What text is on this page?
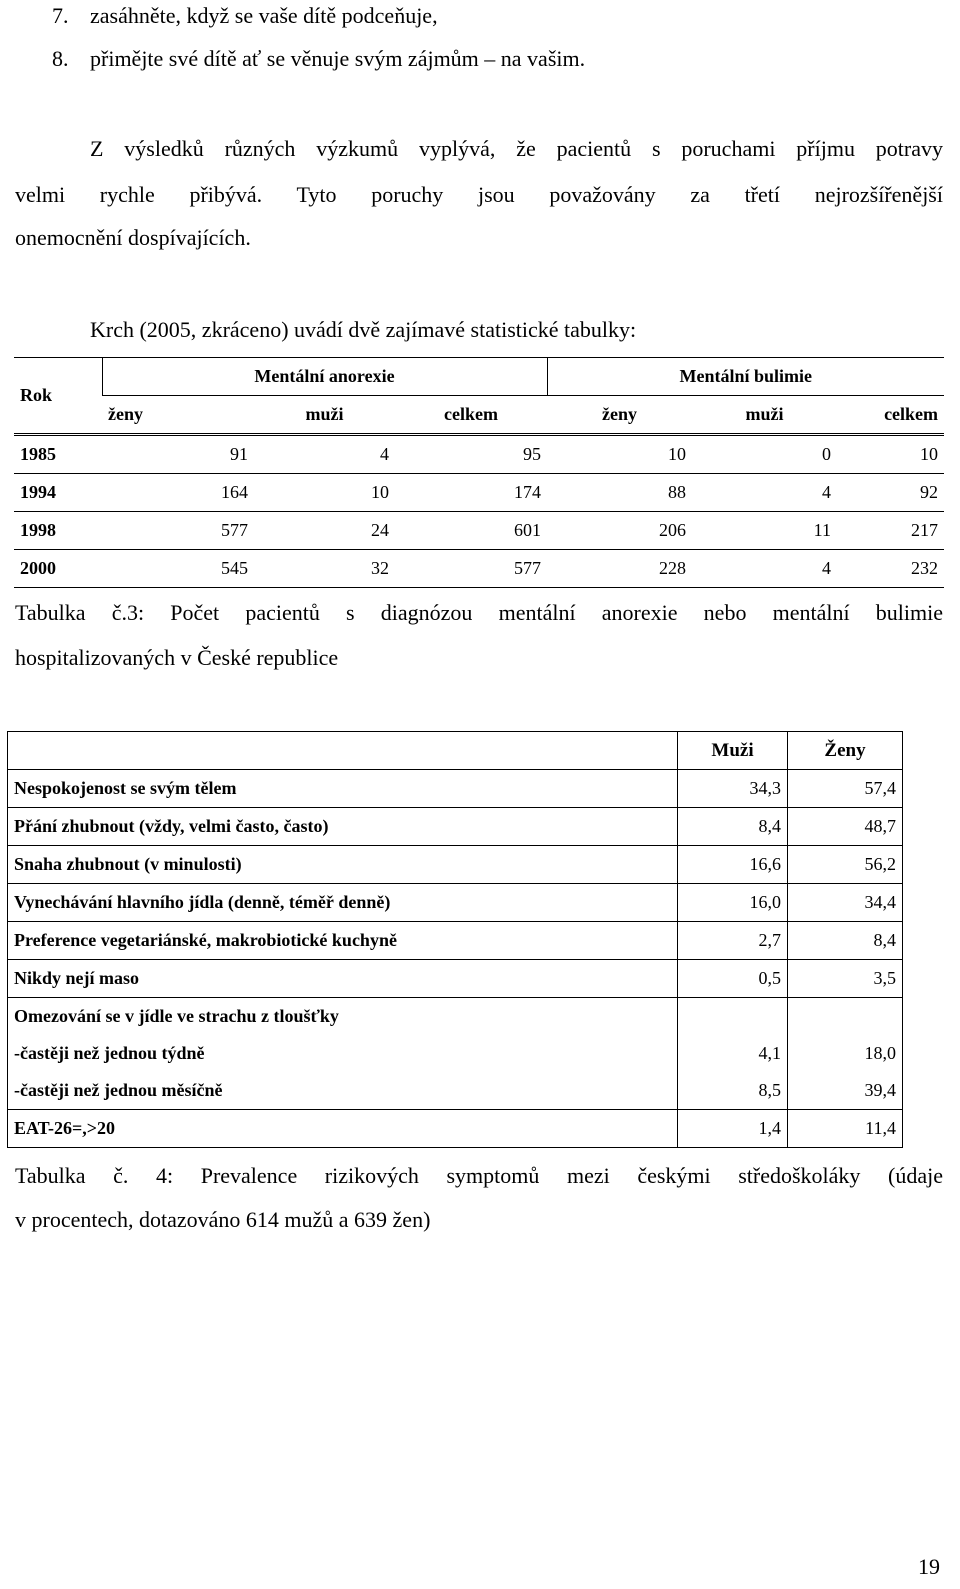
7. zasáhněte, když se vaše dítě podceňuje,
8. přimějte své dítě ať se věnuje svým zájmům – na vašim.
Z výsledků různých výzkumů vyplývá, že pacientů s poruchami příjmu potravy
velmi rychle přibývá. Tyto poruchy jsou považovány za třetí nejrozšířenější
onemocnění dospívajících.
Krch (2005, zkráceno) uvádí dvě zajímavé statistické tabulky:
Rok	Mentální anorexie			Mentální bulimie		
	ženy	muži	celkem	ženy	muži	celkem
1985	91	4	95	10	0	10
1994	164	10	174	88	4	92
1998	577	24	601	206	11	217
2000	545	32	577	228	4	232
Tabulka č.3: Počet pacientů s diagnózou mentální anorexie nebo mentální bulimie
hospitalizovaných v České republice
	Muži	Ženy
Nespokojenost se svým tělem	34,3	57,4
Přání zhubnout (vždy, velmi často, často)	8,4	48,7
Snaha zhubnout (v minulosti)	16,6	56,2
Vynechávání hlavního jídla (denně, téměř denně)	16,0	34,4
Preference vegetariánské, makrobiotické kuchyně	2,7	8,4
Nikdy nejí maso	0,5	3,5
Omezování se v jídle ve strachu z tloušťky		
-častěji než jednou týdně	4,1	18,0
-častěji než jednou měsíčně	8,5	39,4
EAT-26=,>20	1,4	11,4
Tabulka č. 4: Prevalence rizikových symptomů mezi českými středoškoláky (údaje
v procentech, dotazováno 614 mužů a 639 žen)
19
